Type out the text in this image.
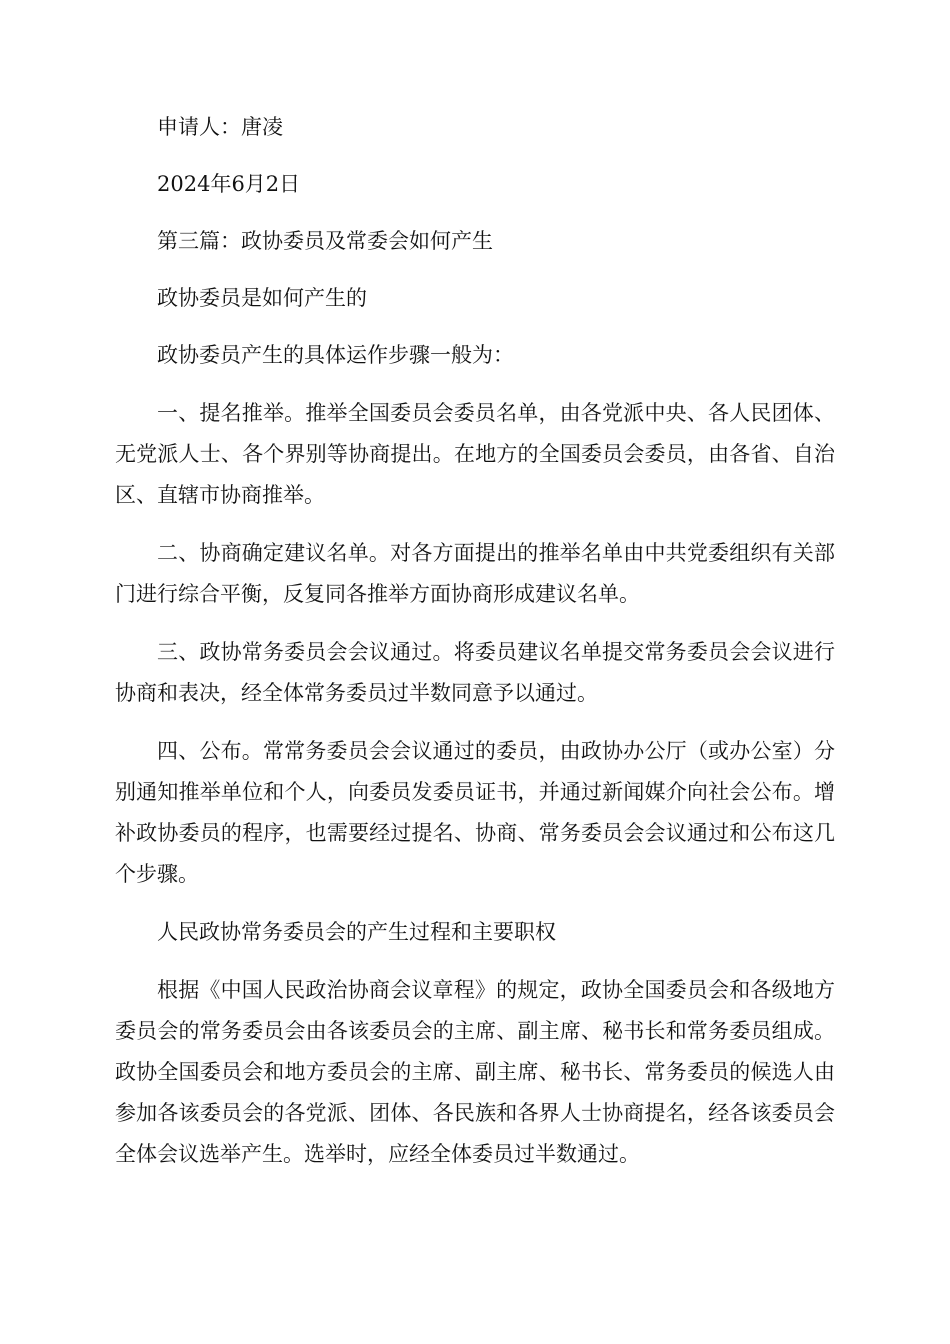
申请人：唐凌

2024年6月2日

第三篇：政协委员及常委会如何产生

政协委员是如何产生的

政协委员产生的具体运作步骤一般为：

一、提名推举。推举全国委员会委员名单，由各党派中央、各人民团体、无党派人士、各个界别等协商提出。在地方的全国委员会委员，由各省、自治区、直辖市协商推举。

二、协商确定建议名单。对各方面提出的推举名单由中共党委组织有关部门进行综合平衡，反复同各推举方面协商形成建议名单。

三、政协常务委员会会议通过。将委员建议名单提交常务委员会会议进行协商和表决，经全体常务委员过半数同意予以通过。

四、公布。常常务委员会会议通过的委员，由政协办公厅（或办公室）分别通知推举单位和个人，向委员发委员证书，并通过新闻媒介向社会公布。增补政协委员的程序，也需要经过提名、协商、常务委员会会议通过和公布这几个步骤。

人民政协常务委员会的产生过程和主要职权

根据《中国人民政治协商会议章程》的规定，政协全国委员会和各级地方委员会的常务委员会由各该委员会的主席、副主席、秘书长和常务委员组成。政协全国委员会和地方委员会的主席、副主席、秘书长、常务委员的候选人由参加各该委员会的各党派、团体、各民族和各界人士协商提名，经各该委员会全体会议选举产生。选举时，应经全体委员过半数通过。
